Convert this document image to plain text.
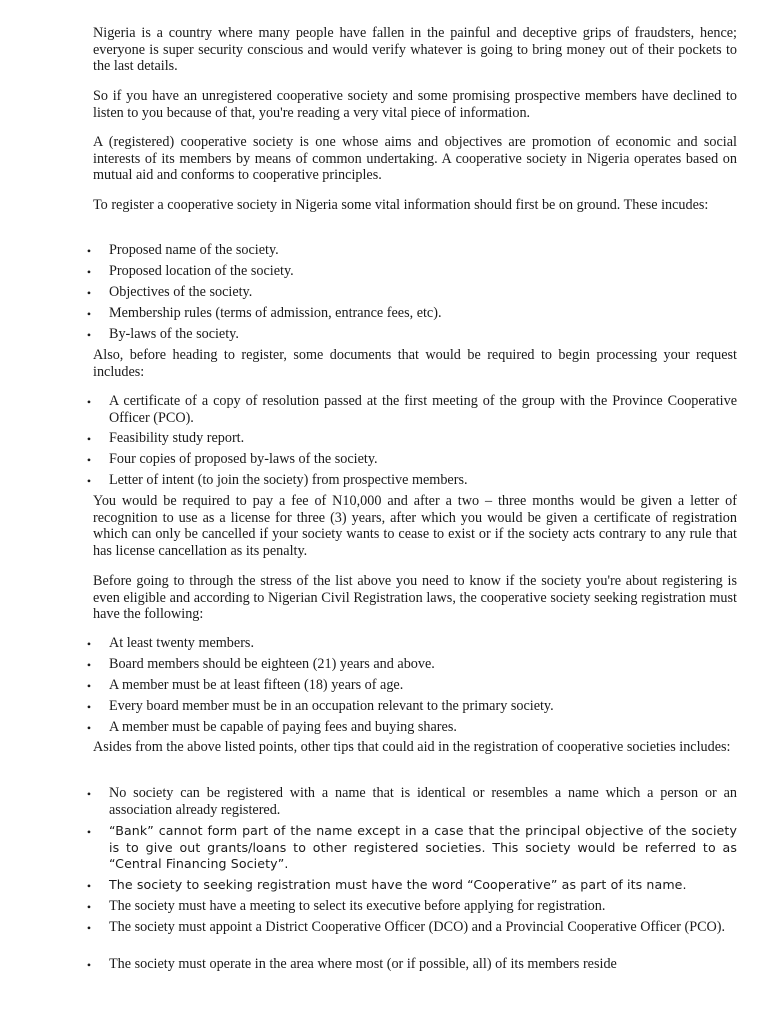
Nigeria is a country where many people have fallen in the painful and deceptive grips of fraudsters, hence; everyone is super security conscious and would verify whatever is going to bring money out of their pockets to the last details.

So if you have an unregistered cooperative society and some promising prospective members have declined to listen to you because of that, you're reading a very vital piece of information.

A (registered) cooperative society is one whose aims and objectives are promotion of economic and social interests of its members by means of common undertaking. A cooperative society in Nigeria operates based on mutual aid and conforms to cooperative principles.

To register a cooperative society in Nigeria some vital information should first be on ground. These incudes:

• Proposed name of the society.

• Proposed location of the society.

• Objectives of the society.

• Membership rules (terms of admission, entrance fees, etc).

• By-laws of the society.

Also, before heading to register, some documents that would be required to begin processing your request includes:

• A certificate of a copy of resolution passed at the first meeting of the group with the Province Cooperative Officer (PCO).

• Feasibility study report.

• Four copies of proposed by-laws of the society.

• Letter of intent (to join the society) from prospective members.

You would be required to pay a fee of N10,000 and after a two – three months would be given a letter of recognition to use as a license for three (3) years, after which you would be given a certificate of registration which can only be cancelled if your society wants to cease to exist or if the society acts contrary to any rule that has license cancellation as its penalty.

Before going to through the stress of the list above you need to know if the society you're about registering is even eligible and according to Nigerian Civil Registration laws, the cooperative society seeking registration must have the following:

• At least twenty members.

• Board members should be eighteen (21) years and above.

• A member must be at least fifteen (18) years of age.

• Every board member must be in an occupation relevant to the primary society.

• A member must be capable of paying fees and buying shares.

Asides from the above listed points, other tips that could aid in the registration of cooperative societies includes:

• No society can be registered with a name that is identical or resembles a name which a person or an association already registered.

• “Bank” cannot form part of the name except in a case that the principal objective of the society is to give out grants/loans to other registered societies. This society would be referred to as “Central Financing Society”.

• The society to seeking registration must have the word “Cooperative” as part of its name.

• The society must have a meeting to select its executive before applying for registration.

• The society must appoint a District Cooperative Officer (DCO) and a Provincial Cooperative Officer (PCO).

• The society must operate in the area where most (or if possible, all) of its members reside
